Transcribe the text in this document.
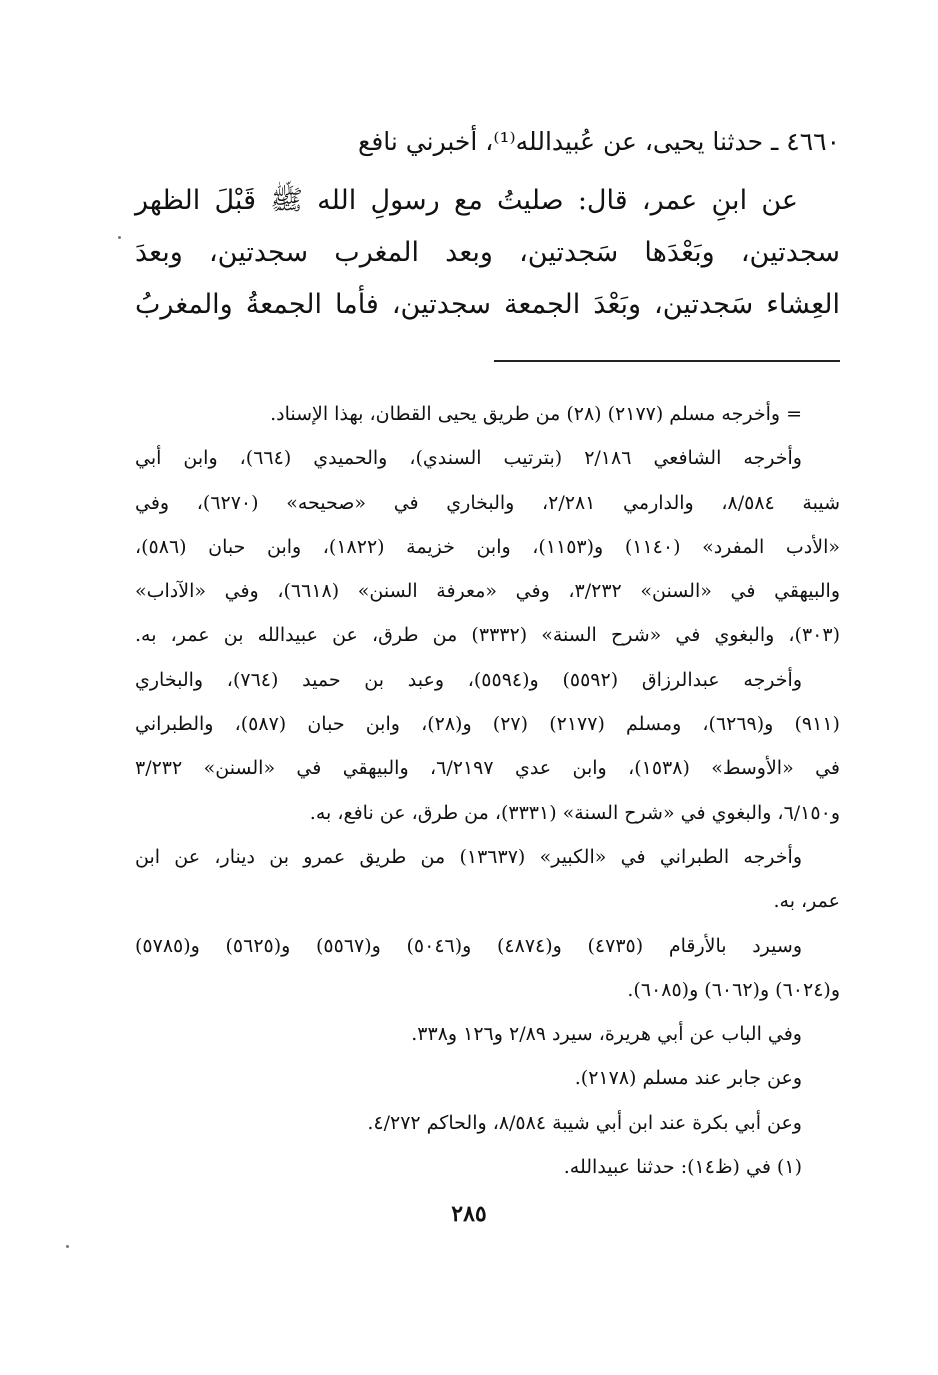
٤٦٦٠ ـ حدثنا يحيى، عن عُبيدالله⁽¹⁾، أخبرني نافع
عن ابنِ عمر، قال: صليتُ مع رسولِ الله ﷺ قَبْلَ الظهر
سجدتين، وبَعْدَها سَجدتين، وبعد المغرب سجدتين، وبعدَ
العِشاء سَجدتين، وبَعْدَ الجمعة سجدتين، فأما الجمعةُ والمغربُ
= وأخرجه مسلم (٢١٧٧) (٢٨) من طريق يحيى القطان، بهذا الإسناد.
وأخرجه الشافعي ٢/١٨٦ (بترتيب السندي)، والحميدي (٦٦٤)، وابن أبي
شيبة ٨/٥٨٤، والدارمي ٢/٢٨١، والبخاري في «صحيحه» (٦٢٧٠)، وفي
«الأدب المفرد» (١١٤٠) و(١١٥٣)، وابن خزيمة (١٨٢٢)، وابن حبان (٥٨٦)،
والبيهقي في «السنن» ٣/٢٣٢، وفي «معرفة السنن» (٦٦١٨)، وفي «الآداب»
(٣٠٣)، والبغوي في «شرح السنة» (٣٣٣٢) من طرق، عن عبيدالله بن عمر، به.
وأخرجه عبدالرزاق (٥٥٩٢) و(٥٥٩٤)، وعبد بن حميد (٧٦٤)، والبخاري
(٩١١) و(٦٢٦٩)، ومسلم (٢١٧٧) (٢٧) و(٢٨)، وابن حبان (٥٨٧)، والطبراني
في «الأوسط» (١٥٣٨)، وابن عدي ٦/٢١٩٧، والبيهقي في «السنن» ٣/٢٣٢
و٦/١٥٠، والبغوي في «شرح السنة» (٣٣٣١)، من طرق، عن نافع، به.
وأخرجه الطبراني في «الكبير» (١٣٦٣٧) من طريق عمرو بن دينار، عن ابن
عمر، به.
وسيرد بالأرقام (٤٧٣٥) و(٤٨٧٤) و(٥٠٤٦) و(٥٥٦٧) و(٥٦٢٥) و(٥٧٨٥)
و(٦٠٢٤) و(٦٠٦٢) و(٦٠٨٥).
وفي الباب عن أبي هريرة، سيرد ٢/٨٩ و١٢٦ و٣٣٨.
وعن جابر عند مسلم (٢١٧٨).
وعن أبي بكرة عند ابن أبي شيبة ٨/٥٨٤، والحاكم ٤/٢٧٢.
(١) في (ظ١٤): حدثنا عبيدالله.
٢٨٥
